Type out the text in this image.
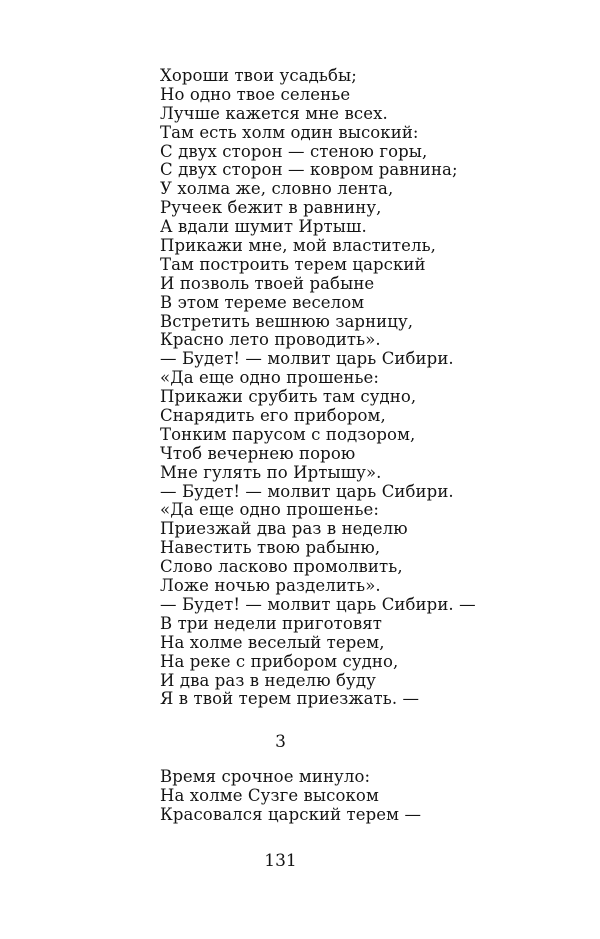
Хороши твои усадьбы;
Но одно твое селенье
Лучше кажется мне всех.
Там есть холм один высокий:
С двух сторон — стеною горы,
С двух сторон — ковром равнина;
У холма же, словно лента,
Ручеек бежит в равнину,
А вдали шумит Иртыш.
Прикажи мне, мой властитель,
Там построить терем царский
И позволь твоей рабыне
В этом тереме веселом
Встретить вешнюю зарницу,
Красно лето проводить».
— Будет! — молвит царь Сибири.
«Да еще одно прошенье:
Прикажи срубить там судно,
Снарядить его прибором,
Тонким парусом с подзором,
Чтоб вечернею порою
Мне гулять по Иртышу».
— Будет! — молвит царь Сибири.
«Да еще одно прошенье:
Приезжай два раз в неделю
Навестить твою рабыню,
Слово ласково промолвить,
Ложе ночью разделить».
— Будет! — молвит царь Сибири. —
В три недели приготовят
На холме веселый терем,
На реке с прибором судно,
И два раз в неделю буду
Я в твой терем приезжать. —
3
Время срочное минуло:
На холме Сузге высоком
Красовался царский терем —
131
